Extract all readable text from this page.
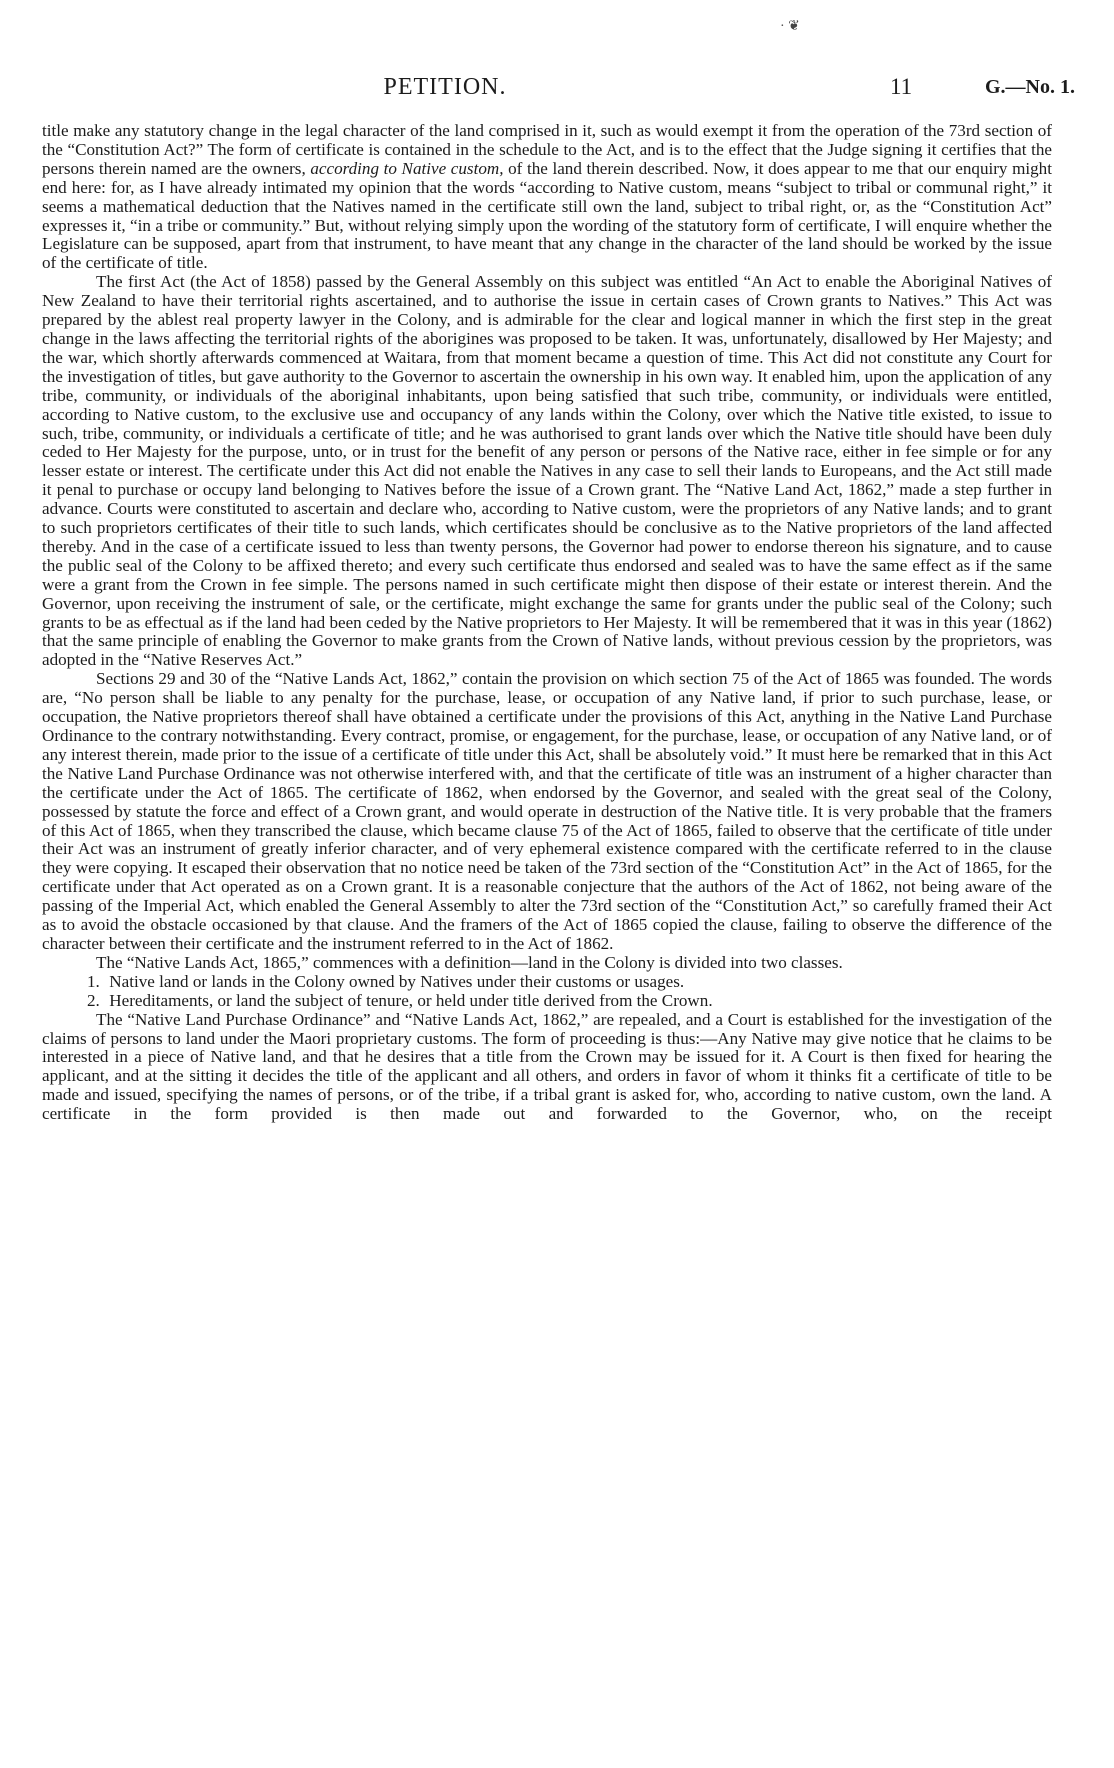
· ❦
PETITION.	11	G.—No. 1.

title make any statutory change in the legal character of the land comprised in it, such as would exempt it from the operation of the 73rd section of the “Constitution Act?” The form of certificate is contained in the schedule to the Act, and is to the effect that the Judge signing it certifies that the persons therein named are the owners, according to Native custom, of the land therein described. Now, it does appear to me that our enquiry might end here: for, as I have already intimated my opinion that the words “according to Native custom, means “subject to tribal or communal right,” it seems a mathematical deduction that the Natives named in the certificate still own the land, subject to tribal right, or, as the “Constitution Act” expresses it, “in a tribe or community.” But, without relying simply upon the wording of the statutory form of certificate, I will enquire whether the Legislature can be supposed, apart from that instrument, to have meant that any change in the character of the land should be worked by the issue of the certificate of title.

The first Act (the Act of 1858) passed by the General Assembly on this subject was entitled “An Act to enable the Aboriginal Natives of New Zealand to have their territorial rights ascertained, and to authorise the issue in certain cases of Crown grants to Natives.” This Act was prepared by the ablest real property lawyer in the Colony, and is admirable for the clear and logical manner in which the first step in the great change in the laws affecting the territorial rights of the aborigines was proposed to be taken. It was, unfortunately, disallowed by Her Majesty; and the war, which shortly afterwards commenced at Waitara, from that moment became a question of time. This Act did not constitute any Court for the investigation of titles, but gave authority to the Governor to ascertain the ownership in his own way. It enabled him, upon the application of any tribe, community, or individuals of the aboriginal inhabitants, upon being satisfied that such tribe, community, or individuals were entitled, according to Native custom, to the exclusive use and occupancy of any lands within the Colony, over which the Native title existed, to issue to such, tribe, community, or individuals a certificate of title; and he was authorised to grant lands over which the Native title should have been duly ceded to Her Majesty for the purpose, unto, or in trust for the benefit of any person or persons of the Native race, either in fee simple or for any lesser estate or interest. The certificate under this Act did not enable the Natives in any case to sell their lands to Europeans, and the Act still made it penal to purchase or occupy land belonging to Natives before the issue of a Crown grant. The “Native Land Act, 1862,” made a step further in advance. Courts were constituted to ascertain and declare who, according to Native custom, were the proprietors of any Native lands; and to grant to such proprietors certificates of their title to such lands, which certificates should be conclusive as to the Native proprietors of the land affected thereby. And in the case of a certificate issued to less than twenty persons, the Governor had power to endorse thereon his signature, and to cause the public seal of the Colony to be affixed thereto; and every such certificate thus endorsed and sealed was to have the same effect as if the same were a grant from the Crown in fee simple. The persons named in such certificate might then dispose of their estate or interest therein. And the Governor, upon receiving the instrument of sale, or the certificate, might exchange the same for grants under the public seal of the Colony; such grants to be as effectual as if the land had been ceded by the Native proprietors to Her Majesty. It will be remembered that it was in this year (1862) that the same principle of enabling the Governor to make grants from the Crown of Native lands, without previous cession by the proprietors, was adopted in the “Native Reserves Act.”

Sections 29 and 30 of the “Native Lands Act, 1862,” contain the provision on which section 75 of the Act of 1865 was founded. The words are, “No person shall be liable to any penalty for the purchase, lease, or occupation of any Native land, if prior to such purchase, lease, or occupation, the Native proprietors thereof shall have obtained a certificate under the provisions of this Act, anything in the Native Land Purchase Ordinance to the contrary notwithstanding. Every contract, promise, or engagement, for the purchase, lease, or occupation of any Native land, or of any interest therein, made prior to the issue of a certificate of title under this Act, shall be absolutely void.” It must here be remarked that in this Act the Native Land Purchase Ordinance was not otherwise interfered with, and that the certificate of title was an instrument of a higher character than the certificate under the Act of 1865. The certificate of 1862, when endorsed by the Governor, and sealed with the great seal of the Colony, possessed by statute the force and effect of a Crown grant, and would operate in destruction of the Native title. It is very probable that the framers of this Act of 1865, when they transcribed the clause, which became clause 75 of the Act of 1865, failed to observe that the certificate of title under their Act was an instrument of greatly inferior character, and of very ephemeral existence compared with the certificate referred to in the clause they were copying. It escaped their observation that no notice need be taken of the 73rd section of the “Constitution Act” in the Act of 1865, for the certificate under that Act operated as on a Crown grant. It is a reasonable conjecture that the authors of the Act of 1862, not being aware of the passing of the Imperial Act, which enabled the General Assembly to alter the 73rd section of the “Constitution Act,” so carefully framed their Act as to avoid the obstacle occasioned by that clause. And the framers of the Act of 1865 copied the clause, failing to observe the difference of the character between their certificate and the instrument referred to in the Act of 1862.

The “Native Lands Act, 1865,” commences with a definition—land in the Colony is divided into two classes.

1. Native land or lands in the Colony owned by Natives under their customs or usages.

2. Hereditaments, or land the subject of tenure, or held under title derived from the Crown.

The “Native Land Purchase Ordinance” and “Native Lands Act, 1862,” are repealed, and a Court is established for the investigation of the claims of persons to land under the Maori proprietary customs. The form of proceeding is thus:—Any Native may give notice that he claims to be interested in a piece of Native land, and that he desires that a title from the Crown may be issued for it. A Court is then fixed for hearing the applicant, and at the sitting it decides the title of the applicant and all others, and orders in favor of whom it thinks fit a certificate of title to be made and issued, specifying the names of persons, or of the tribe, if a tribal grant is asked for, who, according to native custom, own the land. A certificate in the form provided is then made out and forwarded to the Governor, who, on the receipt
